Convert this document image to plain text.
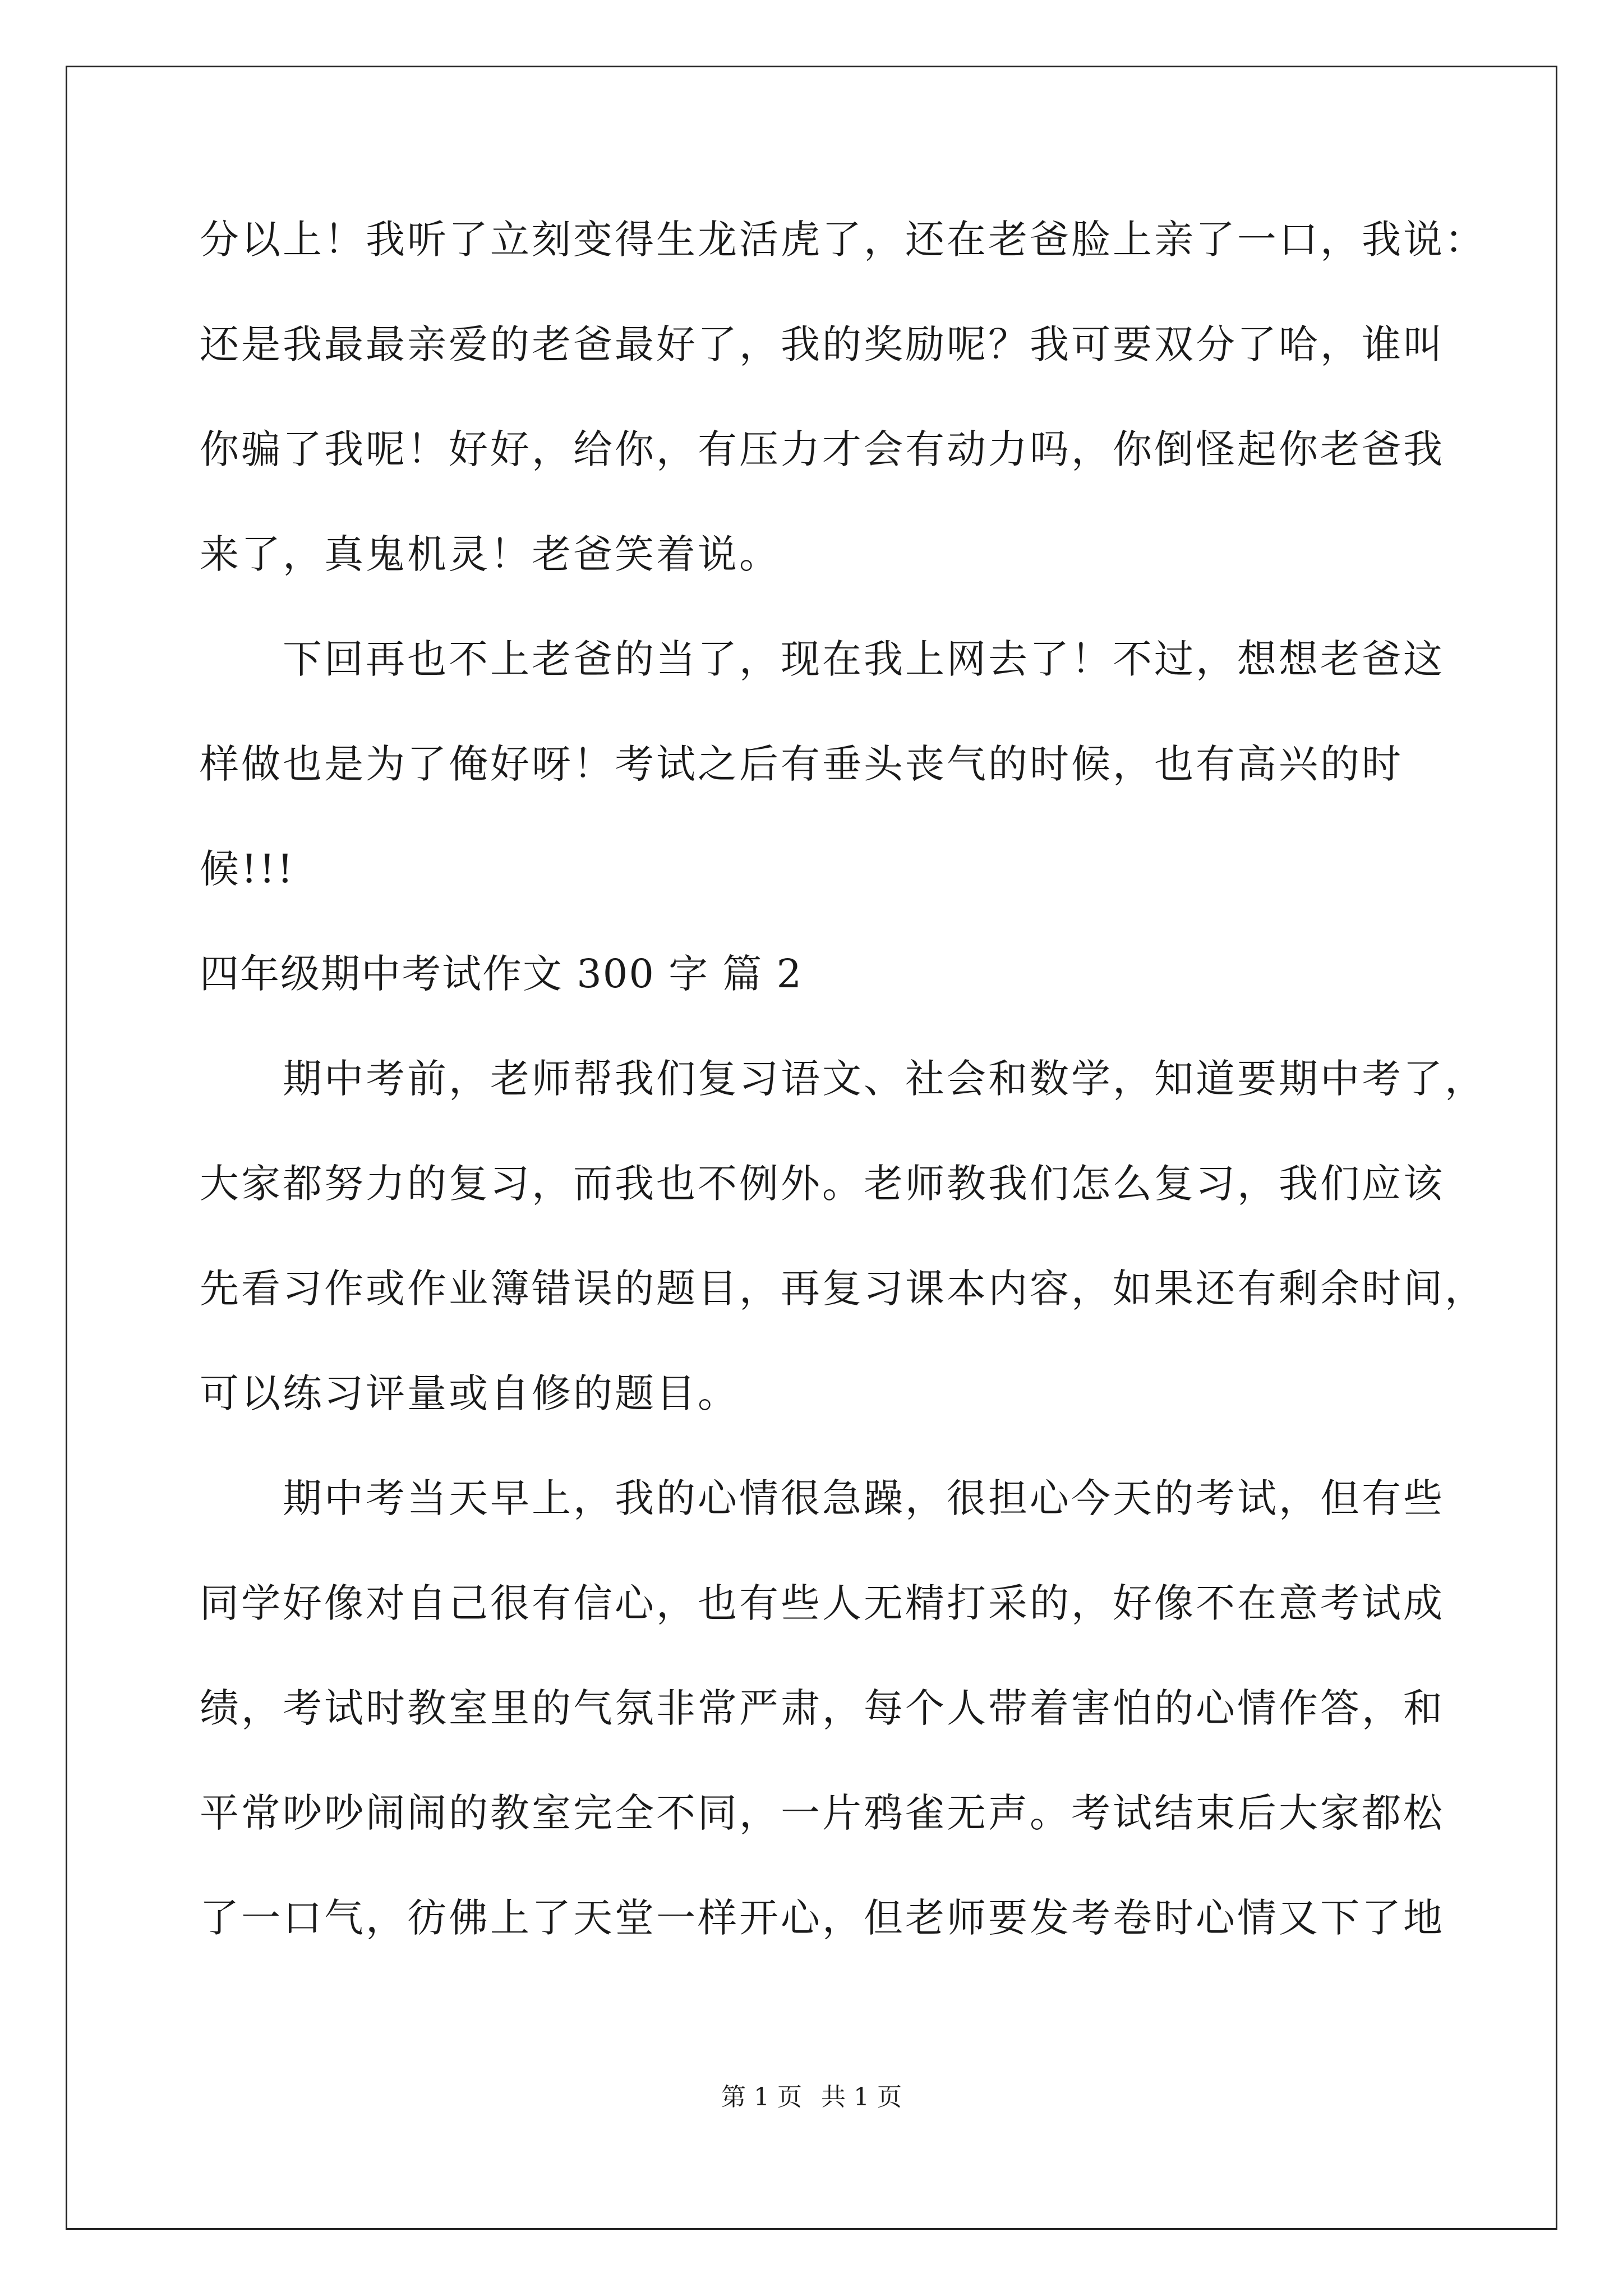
分以上！我听了立刻变得生龙活虎了，还在老爸脸上亲了一口，我说：
还是我最最亲爱的老爸最好了，我的奖励呢？我可要双分了哈，谁叫
你骗了我呢！好好，给你，有压力才会有动力吗，你倒怪起你老爸我
来了，真鬼机灵！老爸笑着说。
下回再也不上老爸的当了，现在我上网去了！不过，想想老爸这
样做也是为了俺好呀！考试之后有垂头丧气的时候，也有高兴的时
候!!!
四年级期中考试作文 300 字 篇 2
期中考前，老师帮我们复习语文、社会和数学，知道要期中考了，
大家都努力的复习，而我也不例外。老师教我们怎么复习，我们应该
先看习作或作业簿错误的题目，再复习课本内容，如果还有剩余时间，
可以练习评量或自修的题目。
期中考当天早上，我的心情很急躁，很担心今天的考试，但有些
同学好像对自己很有信心，也有些人无精打采的，好像不在意考试成
绩，考试时教室里的气氛非常严肃，每个人带着害怕的心情作答，和
平常吵吵闹闹的教室完全不同，一片鸦雀无声。考试结束后大家都松
了一口气，彷佛上了天堂一样开心，但老师要发考卷时心情又下了地
第 1 页 共 1 页
